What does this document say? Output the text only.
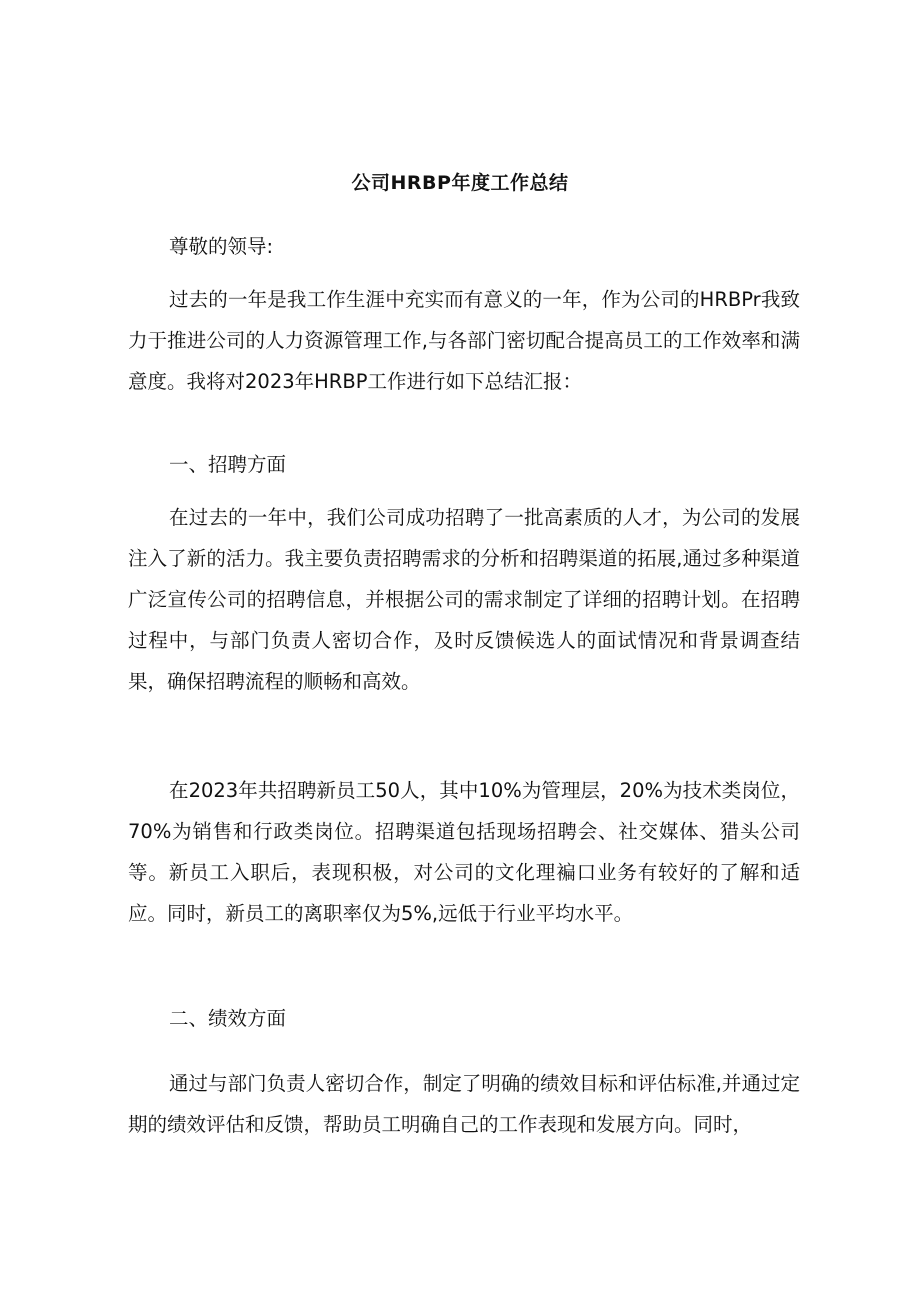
公司HRBP年度工作总结

尊敬的领导:

过去的一年是我工作生涯中充实而有意义的一年，作为公司的HRBPr我致力于推进公司的人力资源管理工作,与各部门密切配合提高员工的工作效率和满意度。我将对2023年HRBP工作进行如下总结汇报：

一、招聘方面

在过去的一年中，我们公司成功招聘了一批高素质的人才，为公司的发展注入了新的活力。我主要负责招聘需求的分析和招聘渠道的拓展,通过多种渠道广泛宣传公司的招聘信息，并根据公司的需求制定了详细的招聘计划。在招聘过程中，与部门负责人密切合作，及时反馈候选人的面试情况和背景调查结果，确保招聘流程的顺畅和高效。

在2023年共招聘新员工50人，其中10%为管理层，20%为技术类岗位，70%为销售和行政类岗位。招聘渠道包括现场招聘会、社交媒体、猎头公司等。新员工入职后，表现积极，对公司的文化理褊口业务有较好的了解和适应。同时，新员工的离职率仅为5%,远低于行业平均水平。

二、绩效方面

通过与部门负责人密切合作，制定了明确的绩效目标和评估标准,并通过定期的绩效评估和反馈，帮助员工明确自己的工作表现和发展方向。同时，
